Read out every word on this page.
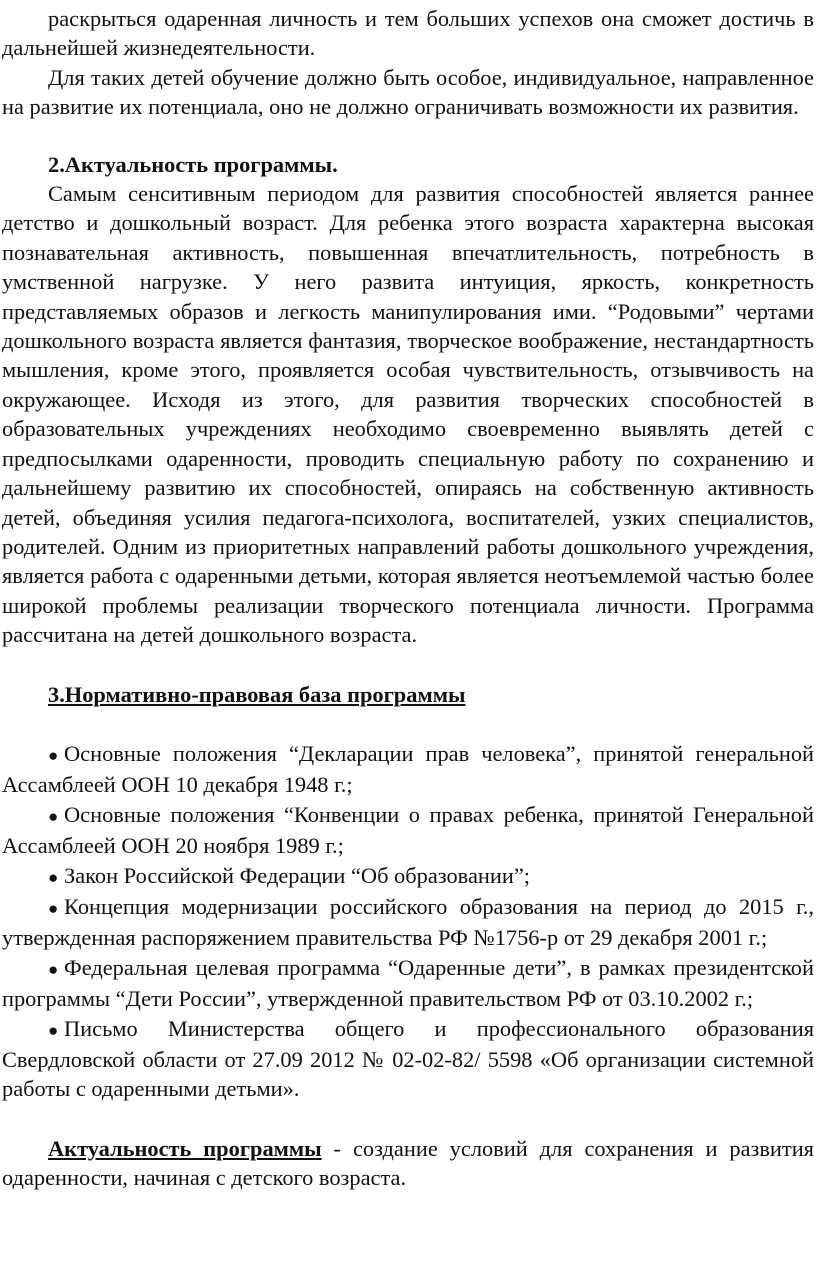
раскрыться одаренная личность и тем больших успехов она сможет достичь в дальнейшей жизнедеятельности.

Для таких детей обучение должно быть особое, индивидуальное, направленное на развитие их потенциала, оно не должно ограничивать возможности их развития.

2.Актуальность программы.

Самым сенситивным периодом для развития способностей является раннее детство и дошкольный возраст. Для ребенка этого возраста характерна высокая познавательная активность, повышенная впечатлительность, потребность в умственной нагрузке. У него развита интуиция, яркость, конкретность представляемых образов и легкость манипулирования ими. “Родовыми” чертами дошкольного возраста является фантазия, творческое воображение, нестандартность мышления, кроме этого, проявляется особая чувствительность, отзывчивость на окружающее. Исходя из этого, для развития творческих способностей в образовательных учреждениях необходимо своевременно выявлять детей с предпосылками одаренности, проводить специальную работу по сохранению и дальнейшему развитию их способностей, опираясь на собственную активность детей, объединяя усилия педагога-психолога, воспитателей, узких специалистов, родителей. Одним из приоритетных направлений работы дошкольного учреждения, является работа с одаренными детьми, которая является неотъемлемой частью более широкой проблемы реализации творческого потенциала личности. Программа рассчитана на детей дошкольного возраста.

3.Нормативно-правовая база программы
● Основные положения “Декларации прав человека”, принятой генеральной Ассамблеей ООН 10 декабря 1948 г.;
● Основные положения “Конвенции о правах ребенка, принятой Генеральной Ассамблеей ООН 20 ноября 1989 г.;
● Закон Российской Федерации “Об образовании”;
● Концепция модернизации российского образования на период до 2015 г., утвержденная распоряжением правительства РФ №1756-р от 29 декабря 2001 г.;
● Федеральная целевая программа “Одаренные дети”, в рамках президентской программы “Дети России”, утвержденной правительством РФ от 03.10.2002 г.;
● Письмо Министерства общего и профессионального образования Свердловской области от 27.09 2012 № 02-02-82/ 5598 «Об организации системной работы с одаренными детьми».

Актуальность программы - создание условий для сохранения и развития одаренности, начиная с детского возраста.
